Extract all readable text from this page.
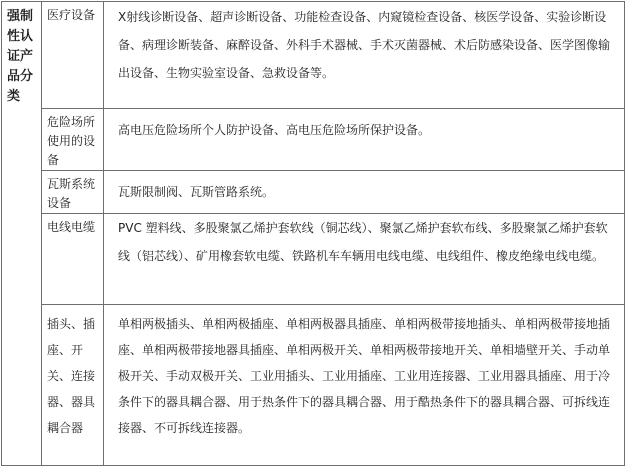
强制性认证产品分类	医疗设备	X射线诊断设备、超声诊断设备、功能检查设备、内窥镜检查设备、核医学设备、实验诊断设备、病理诊断装备、麻醉设备、外科手术器械、手术灭菌器械、术后防感染设备、医学图像输出设备、生物实验室设备、急救设备等。

	危险场所使用的设备	高电压危险场所个人防护设备、高电压危险场所保护设备。

	瓦斯系统设备	瓦斯限制阀、瓦斯管路系统。

	电线电缆	PVC 塑料线、多股聚氯乙烯护套软线（铜芯线）、聚氯乙烯护套软布线、多股聚氯乙烯护套软线（铝芯线）、矿用橡套软电缆、铁路机车车辆用电线电缆、电线组件、橡皮绝缘电线电缆。

	插头、插座、开关、连接器、器具耦合器	单相两极插头、单相两极插座、单相两极器具插座、单相两极带接地插头、单相两极带接地插座、单相两极带接地器具插座、单相两极开关、单相两极带接地开关、单相墙壁开关、手动单极开关、手动双极开关、工业用插头、工业用插座、工业用连接器、工业用器具插座、用于冷条件下的器具耦合器、用于热条件下的器具耦合器、用于酷热条件下的器具耦合器、可拆线连接器、不可拆线连接器。
